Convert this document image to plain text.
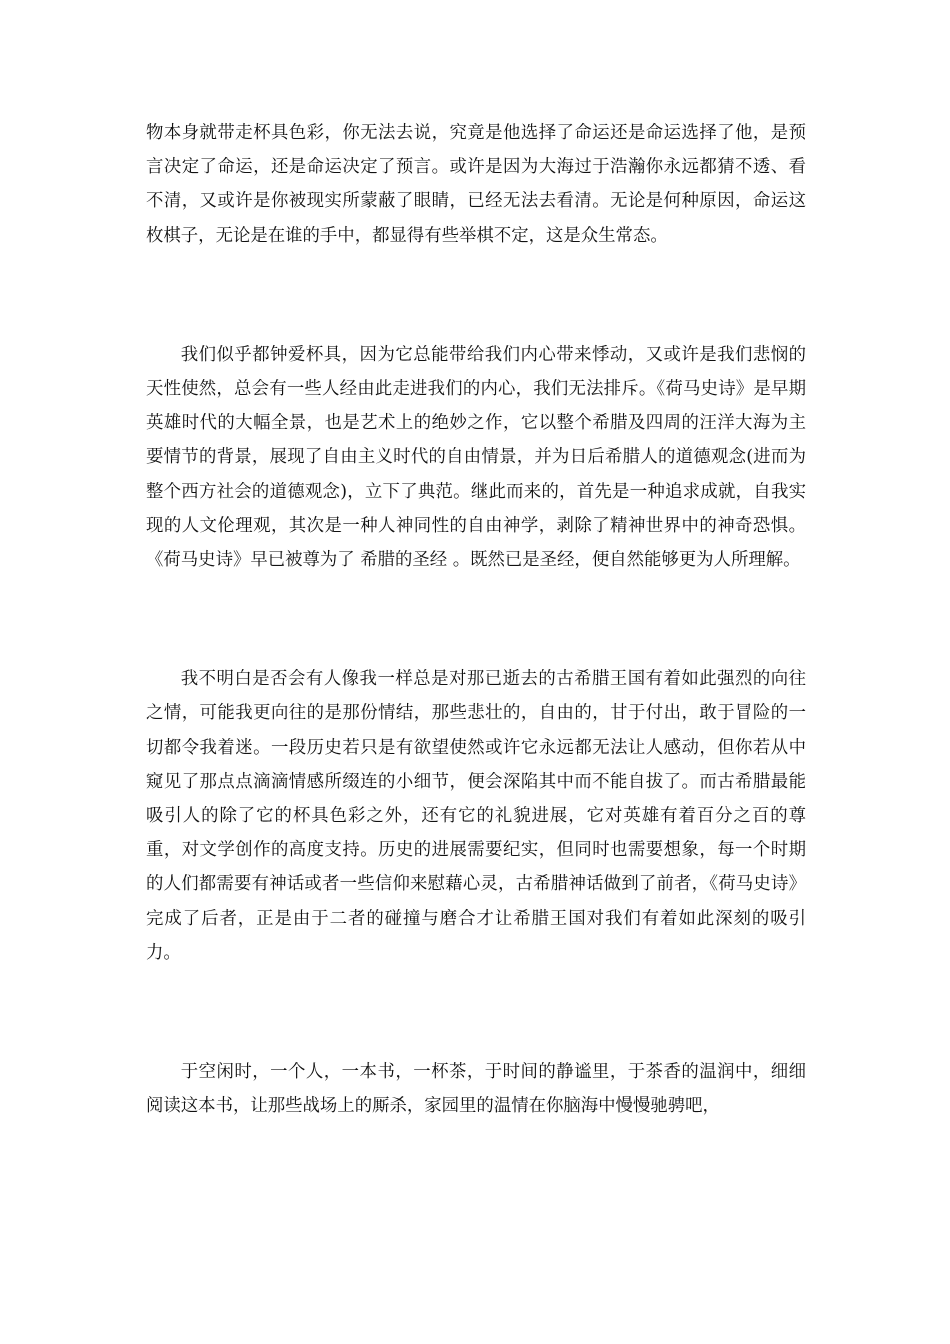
物本身就带走杯具色彩，你无法去说，究竟是他选择了命运还是命运选择了他，是预言决定了命运，还是命运决定了预言。或许是因为大海过于浩瀚你永远都猜不透、看不清，又或许是你被现实所蒙蔽了眼睛，已经无法去看清。无论是何种原因，命运这枚棋子，无论是在谁的手中，都显得有些举棋不定，这是众生常态。

我们似乎都钟爱杯具，因为它总能带给我们内心带来悸动，又或许是我们悲悯的天性使然，总会有一些人经由此走进我们的内心，我们无法排斥。《荷马史诗》是早期英雄时代的大幅全景，也是艺术上的绝妙之作，它以整个希腊及四周的汪洋大海为主要情节的背景，展现了自由主义时代的自由情景，并为日后希腊人的道德观念(进而为整个西方社会的道德观念)，立下了典范。继此而来的，首先是一种追求成就，自我实现的人文伦理观，其次是一种人神同性的自由神学，剥除了精神世界中的神奇恐惧。《荷马史诗》早已被尊为了 希腊的圣经 。既然已是圣经，便自然能够更为人所理解。

我不明白是否会有人像我一样总是对那已逝去的古希腊王国有着如此强烈的向往之情，可能我更向往的是那份情结，那些悲壮的，自由的，甘于付出，敢于冒险的一切都令我着迷。一段历史若只是有欲望使然或许它永远都无法让人感动，但你若从中窥见了那点点滴滴情感所缀连的小细节，便会深陷其中而不能自拔了。而古希腊最能吸引人的除了它的杯具色彩之外，还有它的礼貌进展，它对英雄有着百分之百的尊重，对文学创作的高度支持。历史的进展需要纪实，但同时也需要想象，每一个时期的人们都需要有神话或者一些信仰来慰藉心灵，古希腊神话做到了前者，《荷马史诗》完成了后者，正是由于二者的碰撞与磨合才让希腊王国对我们有着如此深刻的吸引力。

于空闲时，一个人，一本书，一杯茶，于时间的静谧里，于茶香的温润中，细细阅读这本书，让那些战场上的厮杀，家园里的温情在你脑海中慢慢驰骋吧，
